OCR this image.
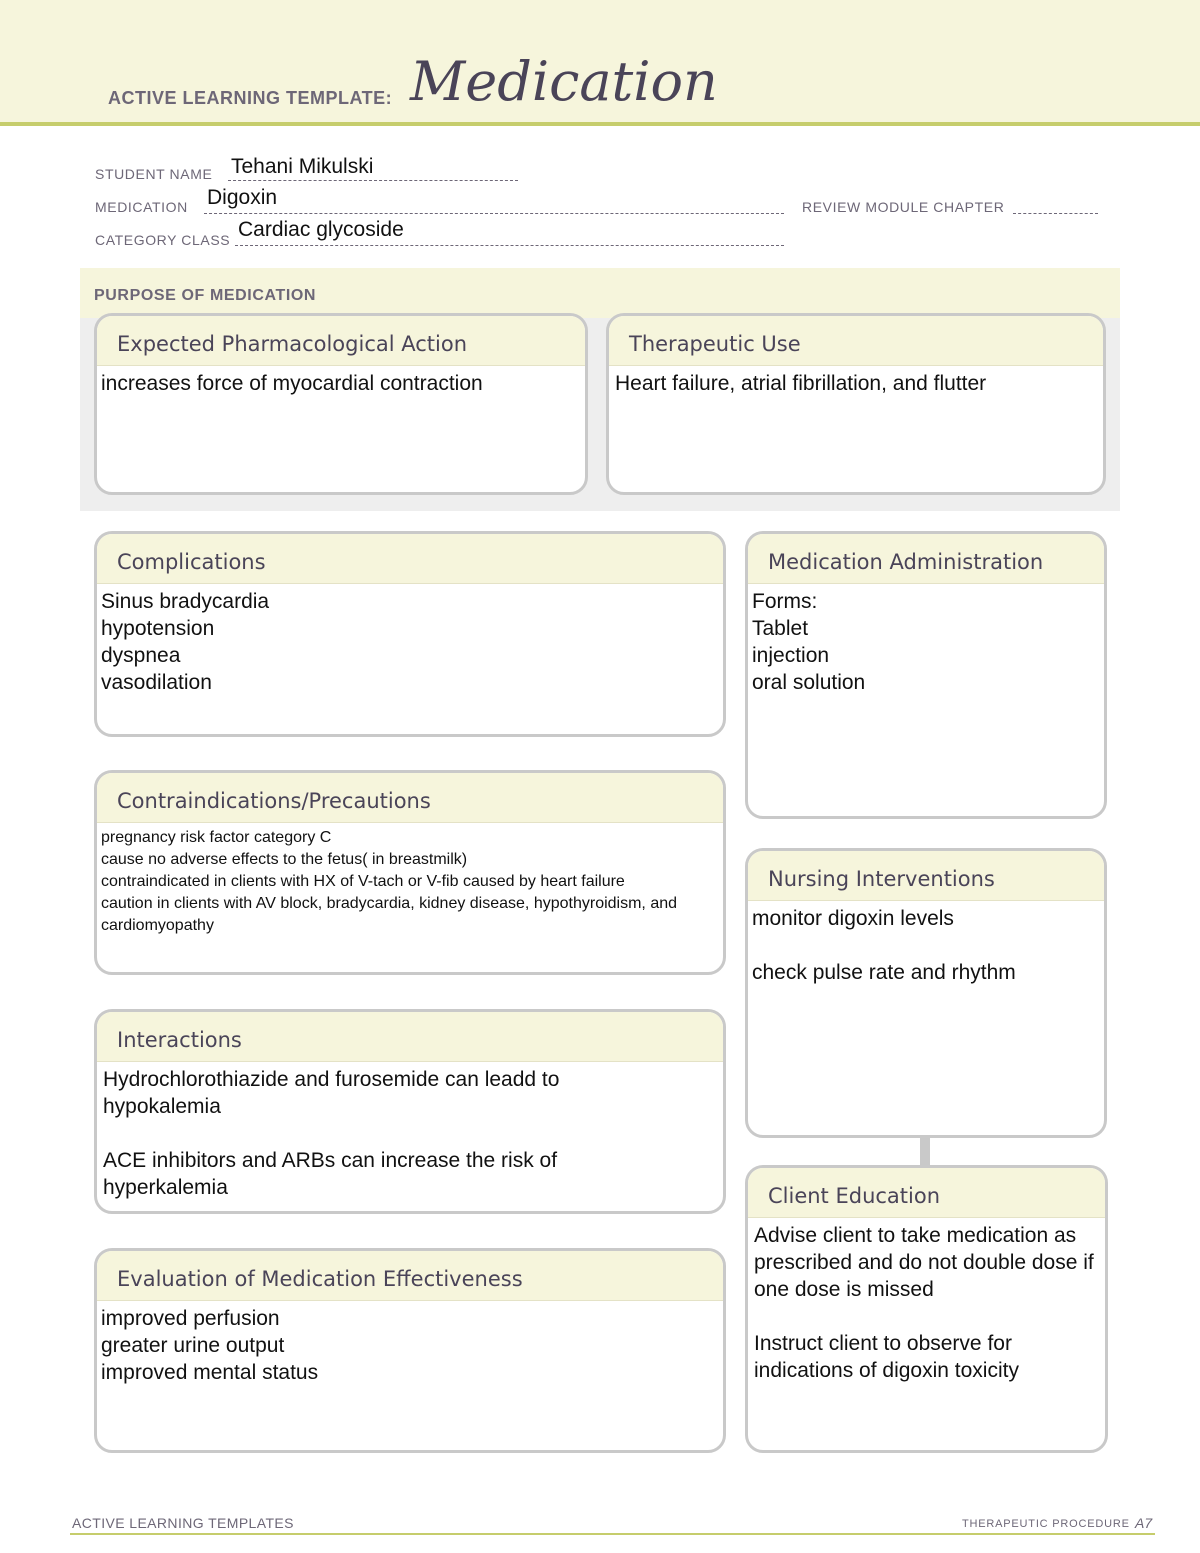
ACTIVE LEARNING TEMPLATE: Medication
STUDENT NAME Tehani Mikulski
MEDICATION Digoxin	REVIEW MODULE CHAPTER
CATEGORY CLASS Cardiac glycoside
PURPOSE OF MEDICATION
Expected Pharmacological Action
increases force of myocardial contraction
Therapeutic Use
Heart failure, atrial fibrillation, and flutter
Complications
Sinus bradycardia
hypotension
dyspnea
vasodilation
Contraindications/Precautions
pregnancy risk factor category C
cause no adverse effects to the fetus( in breastmilk)
contraindicated in clients with HX of V-tach or V-fib caused by heart failure
caution in clients with AV block, bradycardia, kidney disease, hypothyroidism, and cardiomyopathy
Interactions
Hydrochlorothiazide and furosemide can leadd to hypokalemia

ACE inhibitors and ARBs can increase the risk of hyperkalemia
Evaluation of Medication Effectiveness
improved perfusion
greater urine output
improved mental status
Medication Administration
Forms:
Tablet
injection
oral solution
Nursing Interventions
monitor digoxin levels

check pulse rate and rhythm
Client Education
Advise client to take medication as prescribed and do not double dose if one dose is missed

Instruct client to observe for indications of digoxin toxicity
ACTIVE LEARNING TEMPLATES	THERAPEUTIC PROCEDURE A7
